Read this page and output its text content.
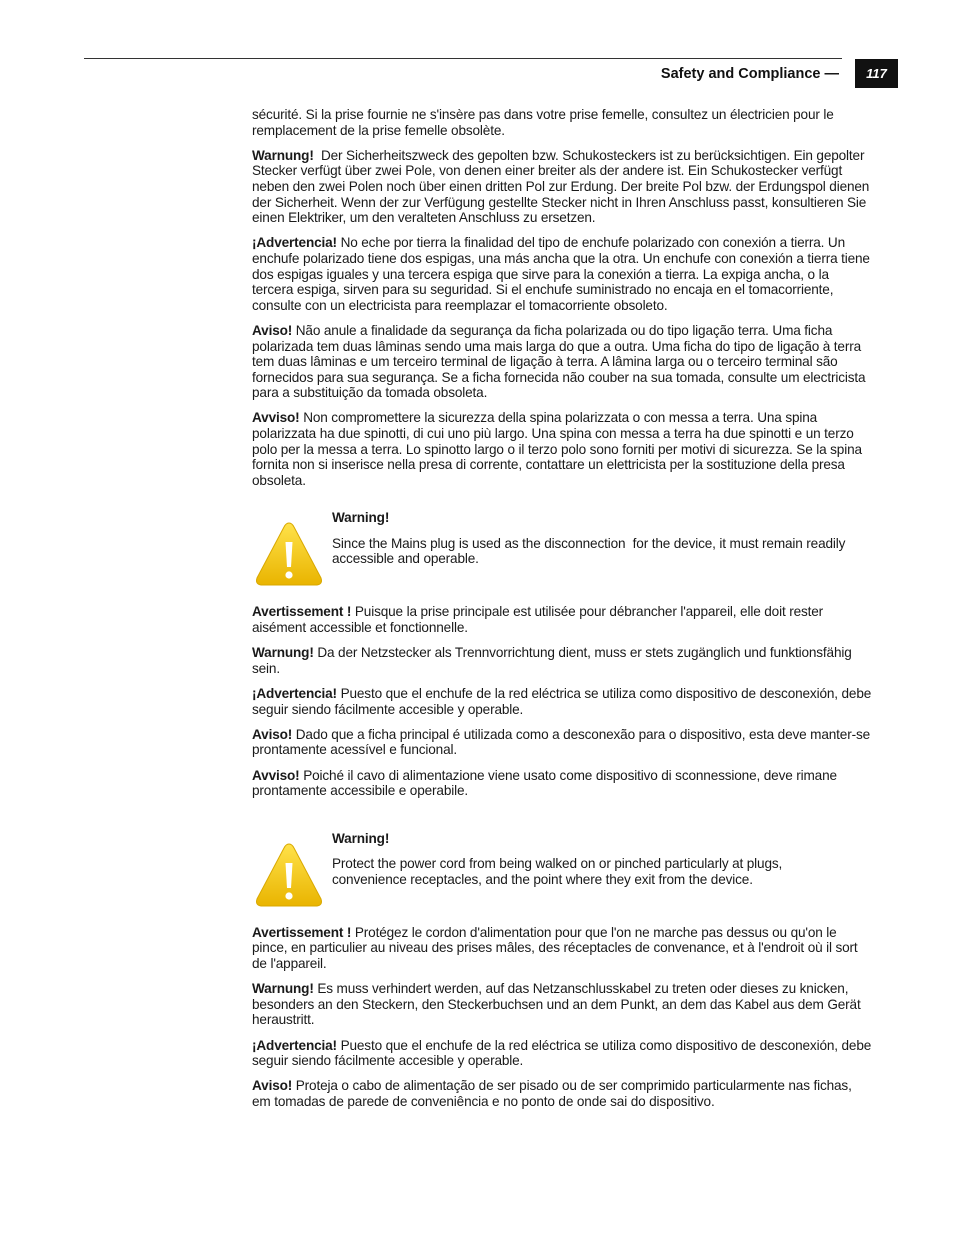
Safety and Compliance —	117

sécurité. Si la prise fournie ne s'insère pas dans votre prise femelle, consultez un électricien pour le remplacement de la prise femelle obsolète.

Warnung!  Der Sicherheitszweck des gepolten bzw. Schukosteckers ist zu berücksichtigen. Ein gepolter Stecker verfügt über zwei Pole, von denen einer breiter als der andere ist. Ein Schukostecker verfügt neben den zwei Polen noch über einen dritten Pol zur Erdung. Der breite Pol bzw. der Erdungspol dienen der Sicherheit. Wenn der zur Verfügung gestellte Stecker nicht in Ihren Anschluss passt, konsultieren Sie einen Elektriker, um den veralteten Anschluss zu ersetzen.

¡Advertencia! No eche por tierra la finalidad del tipo de enchufe polarizado con conexión a tierra. Un enchufe polarizado tiene dos espigas, una más ancha que la otra. Un enchufe con conexión a tierra tiene dos espigas iguales y una tercera espiga que sirve para la conexión a tierra. La expiga ancha, o la tercera espiga, sirven para su seguridad. Si el enchufe suministrado no encaja en el tomacorriente, consulte con un electricista para reemplazar el tomacorriente obsoleto.

Aviso! Não anule a finalidade da segurança da ficha polarizada ou do tipo ligação terra. Uma ficha polarizada tem duas lâminas sendo uma mais larga do que a outra. Uma ficha do tipo de ligação à terra tem duas lâminas e um terceiro terminal de ligação à terra. A lâmina larga ou o terceiro terminal são fornecidos para sua segurança. Se a ficha fornecida não couber na sua tomada, consulte um electricista para a substituição da tomada obsoleta.

Avviso! Non compromettere la sicurezza della spina polarizzata o con messa a terra. Una spina polarizzata ha due spinotti, di cui uno più largo. Una spina con messa a terra ha due spinotti e un terzo polo per la messa a terra. Lo spinotto largo o il terzo polo sono forniti per motivi di sicurezza. Se la spina fornita non si inserisce nella presa di corrente, contattare un elettricista per la sostituzione della presa obsoleta.

Warning!

Since the Mains plug is used as the disconnection  for the device, it must remain readily accessible and operable.

Avertissement ! Puisque la prise principale est utilisée pour débrancher l'appareil, elle doit rester aisément accessible et fonctionnelle.

Warnung! Da der Netzstecker als Trennvorrichtung dient, muss er stets zugänglich und funktionsfähig sein.

¡Advertencia! Puesto que el enchufe de la red eléctrica se utiliza como dispositivo de desconexión, debe seguir siendo fácilmente accesible y operable.

Aviso! Dado que a ficha principal é utilizada como a desconexão para o dispositivo, esta deve manter-se prontamente acessível e funcional.

Avviso! Poiché il cavo di alimentazione viene usato come dispositivo di sconnessione, deve rimane prontamente accessibile e operabile.

Warning!

Protect the power cord from being walked on or pinched particularly at plugs, convenience receptacles, and the point where they exit from the device.

Avertissement ! Protégez le cordon d'alimentation pour que l'on ne marche pas dessus ou qu'on le pince, en particulier au niveau des prises mâles, des réceptacles de convenance, et à l'endroit où il sort de l'appareil.

Warnung! Es muss verhindert werden, auf das Netzanschlusskabel zu treten oder dieses zu knicken, besonders an den Steckern, den Steckerbuchsen und an dem Punkt, an dem das Kabel aus dem Gerät heraustritt.

¡Advertencia! Puesto que el enchufe de la red eléctrica se utiliza como dispositivo de desconexión, debe seguir siendo fácilmente accesible y operable.

Aviso! Proteja o cabo de alimentação de ser pisado ou de ser comprimido particularmente nas fichas, em tomadas de parede de conveniência e no ponto de onde sai do dispositivo.
